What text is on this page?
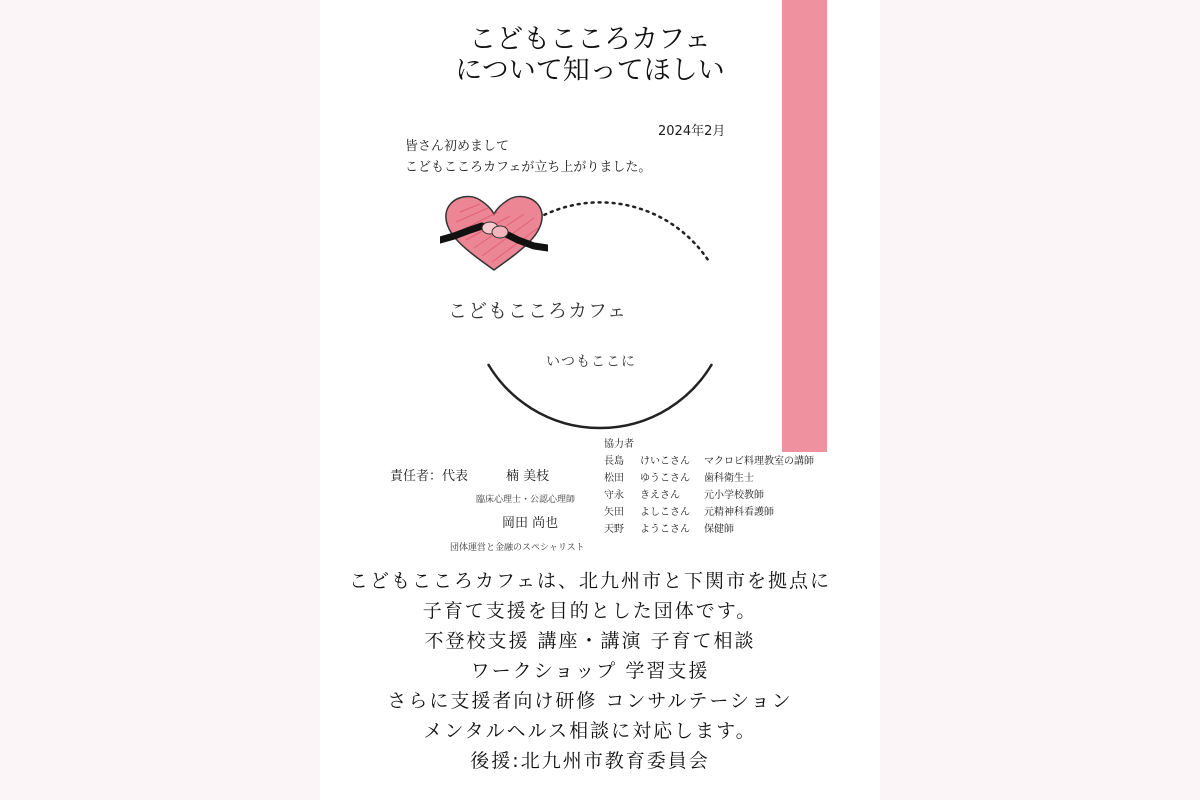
こどもこころカフェ
について知ってほしい
2024年2月
皆さん初めまして
こどもこころカフェが立ち上がりました。
こどもこころカフェ
いつもここに
責任者：代表	楠 美枝
臨床心理士・公認心理師
岡田 尚也
団体運営と金融のスペシャリスト
協力者
長島 けいこさん マクロビ料理教室の講師
松田 ゆうこさん 歯科衛生士
守永 きえさん 元小学校教師
矢田 よしこさん 元精神科看護師
天野 ようこさん 保健師
こどもこころカフェは、北九州市と下関市を拠点に
子育て支援を目的とした団体です。
不登校支援 講座・講演 子育て相談
ワークショップ 学習支援
さらに支援者向け研修 コンサルテーション
メンタルヘルス相談に対応します。
後援:北九州市教育委員会
